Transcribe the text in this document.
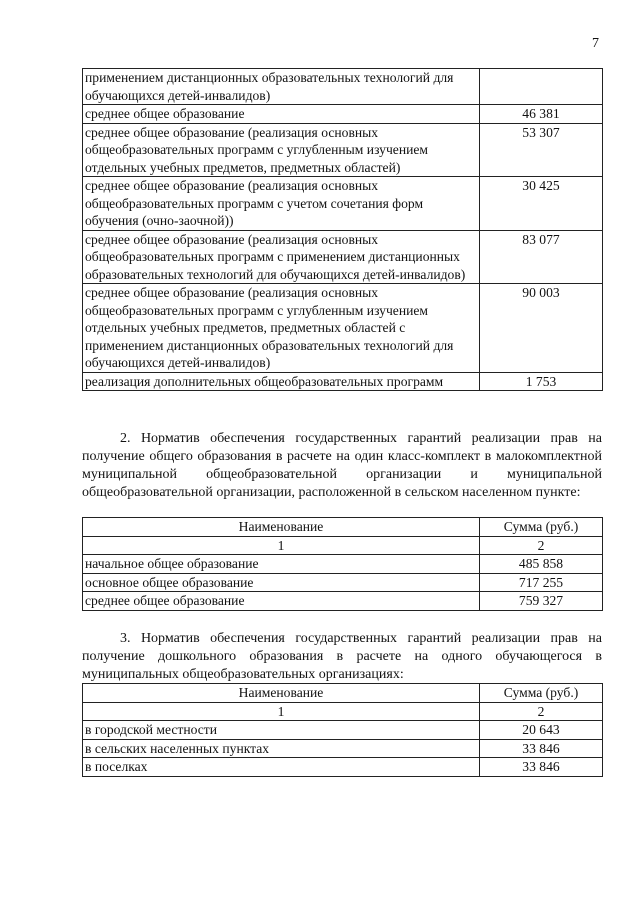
7
применением дистанционных образовательных технологий для обучающихся детей-инвалидов)	
среднее общее образование	46 381
среднее общее образование (реализация основных общеобразовательных программ с углубленным изучением отдельных учебных предметов, предметных областей)	53 307
среднее общее образование (реализация основных общеобразовательных программ с учетом сочетания форм обучения (очно-заочной))	30 425
среднее общее образование (реализация основных общеобразовательных программ с применением дистанционных образовательных технологий для обучающихся детей-инвалидов)	83 077
среднее общее образование (реализация основных общеобразовательных программ с углубленным изучением отдельных учебных предметов, предметных областей с применением дистанционных образовательных технологий для обучающихся детей-инвалидов)	90 003
реализация дополнительных общеобразовательных программ	1 753
2. Норматив обеспечения государственных гарантий реализации прав на получение общего образования в расчете на один класс-комплект в малокомплектной муниципальной общеобразовательной организации и муниципальной общеобразовательной организации, расположенной в сельском населенном пункте:
Наименование	Сумма (руб.)
1	2
начальное общее образование	485 858
основное общее образование	717 255
среднее общее образование	759 327
3. Норматив обеспечения государственных гарантий реализации прав на получение дошкольного образования в расчете на одного обучающегося в муниципальных общеобразовательных организациях:
Наименование	Сумма (руб.)
1	2
в городской местности	20 643
в сельских населенных пунктах	33 846
в поселках	33 846
